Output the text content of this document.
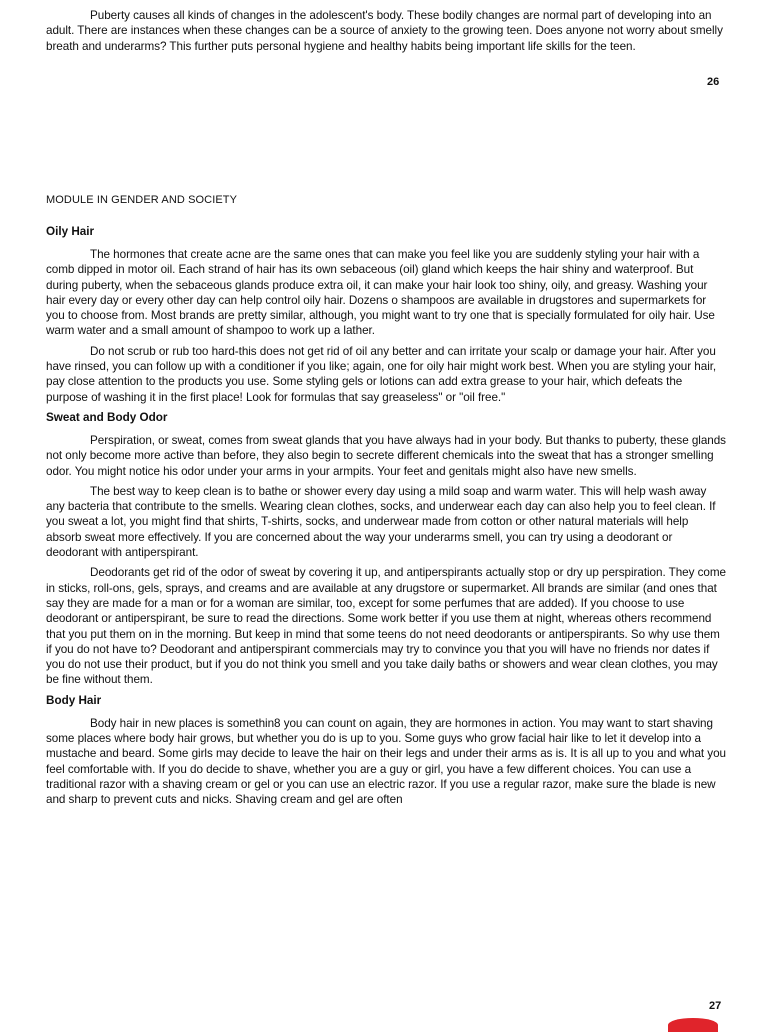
Puberty causes all kinds of changes in the adolescent's body. These bodily changes are normal part of developing into an adult. There are instances when these changes can be a source of anxiety to the growing teen. Does anyone not worry about smelly breath and underarms? This further puts personal hygiene and healthy habits being important life skills for the teen.

26
MODULE IN GENDER AND SOCIETY
Oily Hair

The hormones that create acne are the same ones that can make you feel like you are suddenly styling your hair with a comb dipped in motor oil. Each strand of hair has its own sebaceous (oil) gland which keeps the hair shiny and waterproof. But during puberty, when the sebaceous glands produce extra oil, it can make your hair look too shiny, oily, and greasy. Washing your hair every day or every other day can help control oily hair. Dozens o shampoos are available in drugstores and supermarkets for you to choose from. Most brands are pretty similar, although, you might want to try one that is specially formulated for oily hair. Use warm water and a small amount of shampoo to work up a lather.

Do not scrub or rub too hard-this does not get rid of oil any better and can irritate your scalp or damage your hair. After you have rinsed, you can follow up with a conditioner if you like; again, one for oily hair might work best. When you are styling your hair, pay close attention to the products you use. Some styling gels or lotions can add extra grease to your hair, which defeats the purpose of washing it in the first place! Look for formulas that say greaseless" or "oil free."

Sweat and Body Odor

Perspiration, or sweat, comes from sweat glands that you have always had in your body. But thanks to puberty, these glands not only become more active than before, they also begin to secrete different chemicals into the sweat that has a stronger smelling odor. You might notice his odor under your arms in your armpits. Your feet and genitals might also have new smells.

The best way to keep clean is to bathe or shower every day using a mild soap and warm water. This will help wash away any bacteria that contribute to the smells. Wearing clean clothes, socks, and underwear each day can also help you to feel clean. If you sweat a lot, you might find that shirts, T-shirts, socks, and underwear made from cotton or other natural materials will help absorb sweat more effectively. If you are concerned about the way your underarms smell, you can try using a deodorant or deodorant with antiperspirant.

Deodorants get rid of the odor of sweat by covering it up, and antiperspirants actually stop or dry up perspiration. They come in sticks, roll-ons, gels, sprays, and creams and are available at any drugstore or supermarket. All brands are similar (and ones that say they are made for a man or for a woman are similar, too, except for some perfumes that are added). If you choose to use deodorant or antiperspirant, be sure to read the directions. Some work better if you use them at night, whereas others recommend that you put them on in the morning. But keep in mind that some teens do not need deodorants or antiperspirants. So why use them if you do not have to? Deodorant and antiperspirant commercials may try to convince you that you will have no friends nor dates if you do not use their product, but if you do not think you smell and you take daily baths or showers and wear clean clothes, you may be fine without them.

Body Hair

Body hair in new places is somethin8 you can count on again, they are hormones in action. You may want to start shaving some places where body hair grows, but whether you do is up to you. Some guys who grow facial hair like to let it develop into a mustache and beard. Some girls may decide to leave the hair on their legs and under their arms as is. It is all up to you and what you feel comfortable with. If you do decide to shave, whether you are a guy or girl, you have a few different choices. You can use a traditional razor with a shaving cream or gel or you can use an electric razor. If you use a regular razor, make sure the blade is new and sharp to prevent cuts and nicks. Shaving cream and gel are often

27
